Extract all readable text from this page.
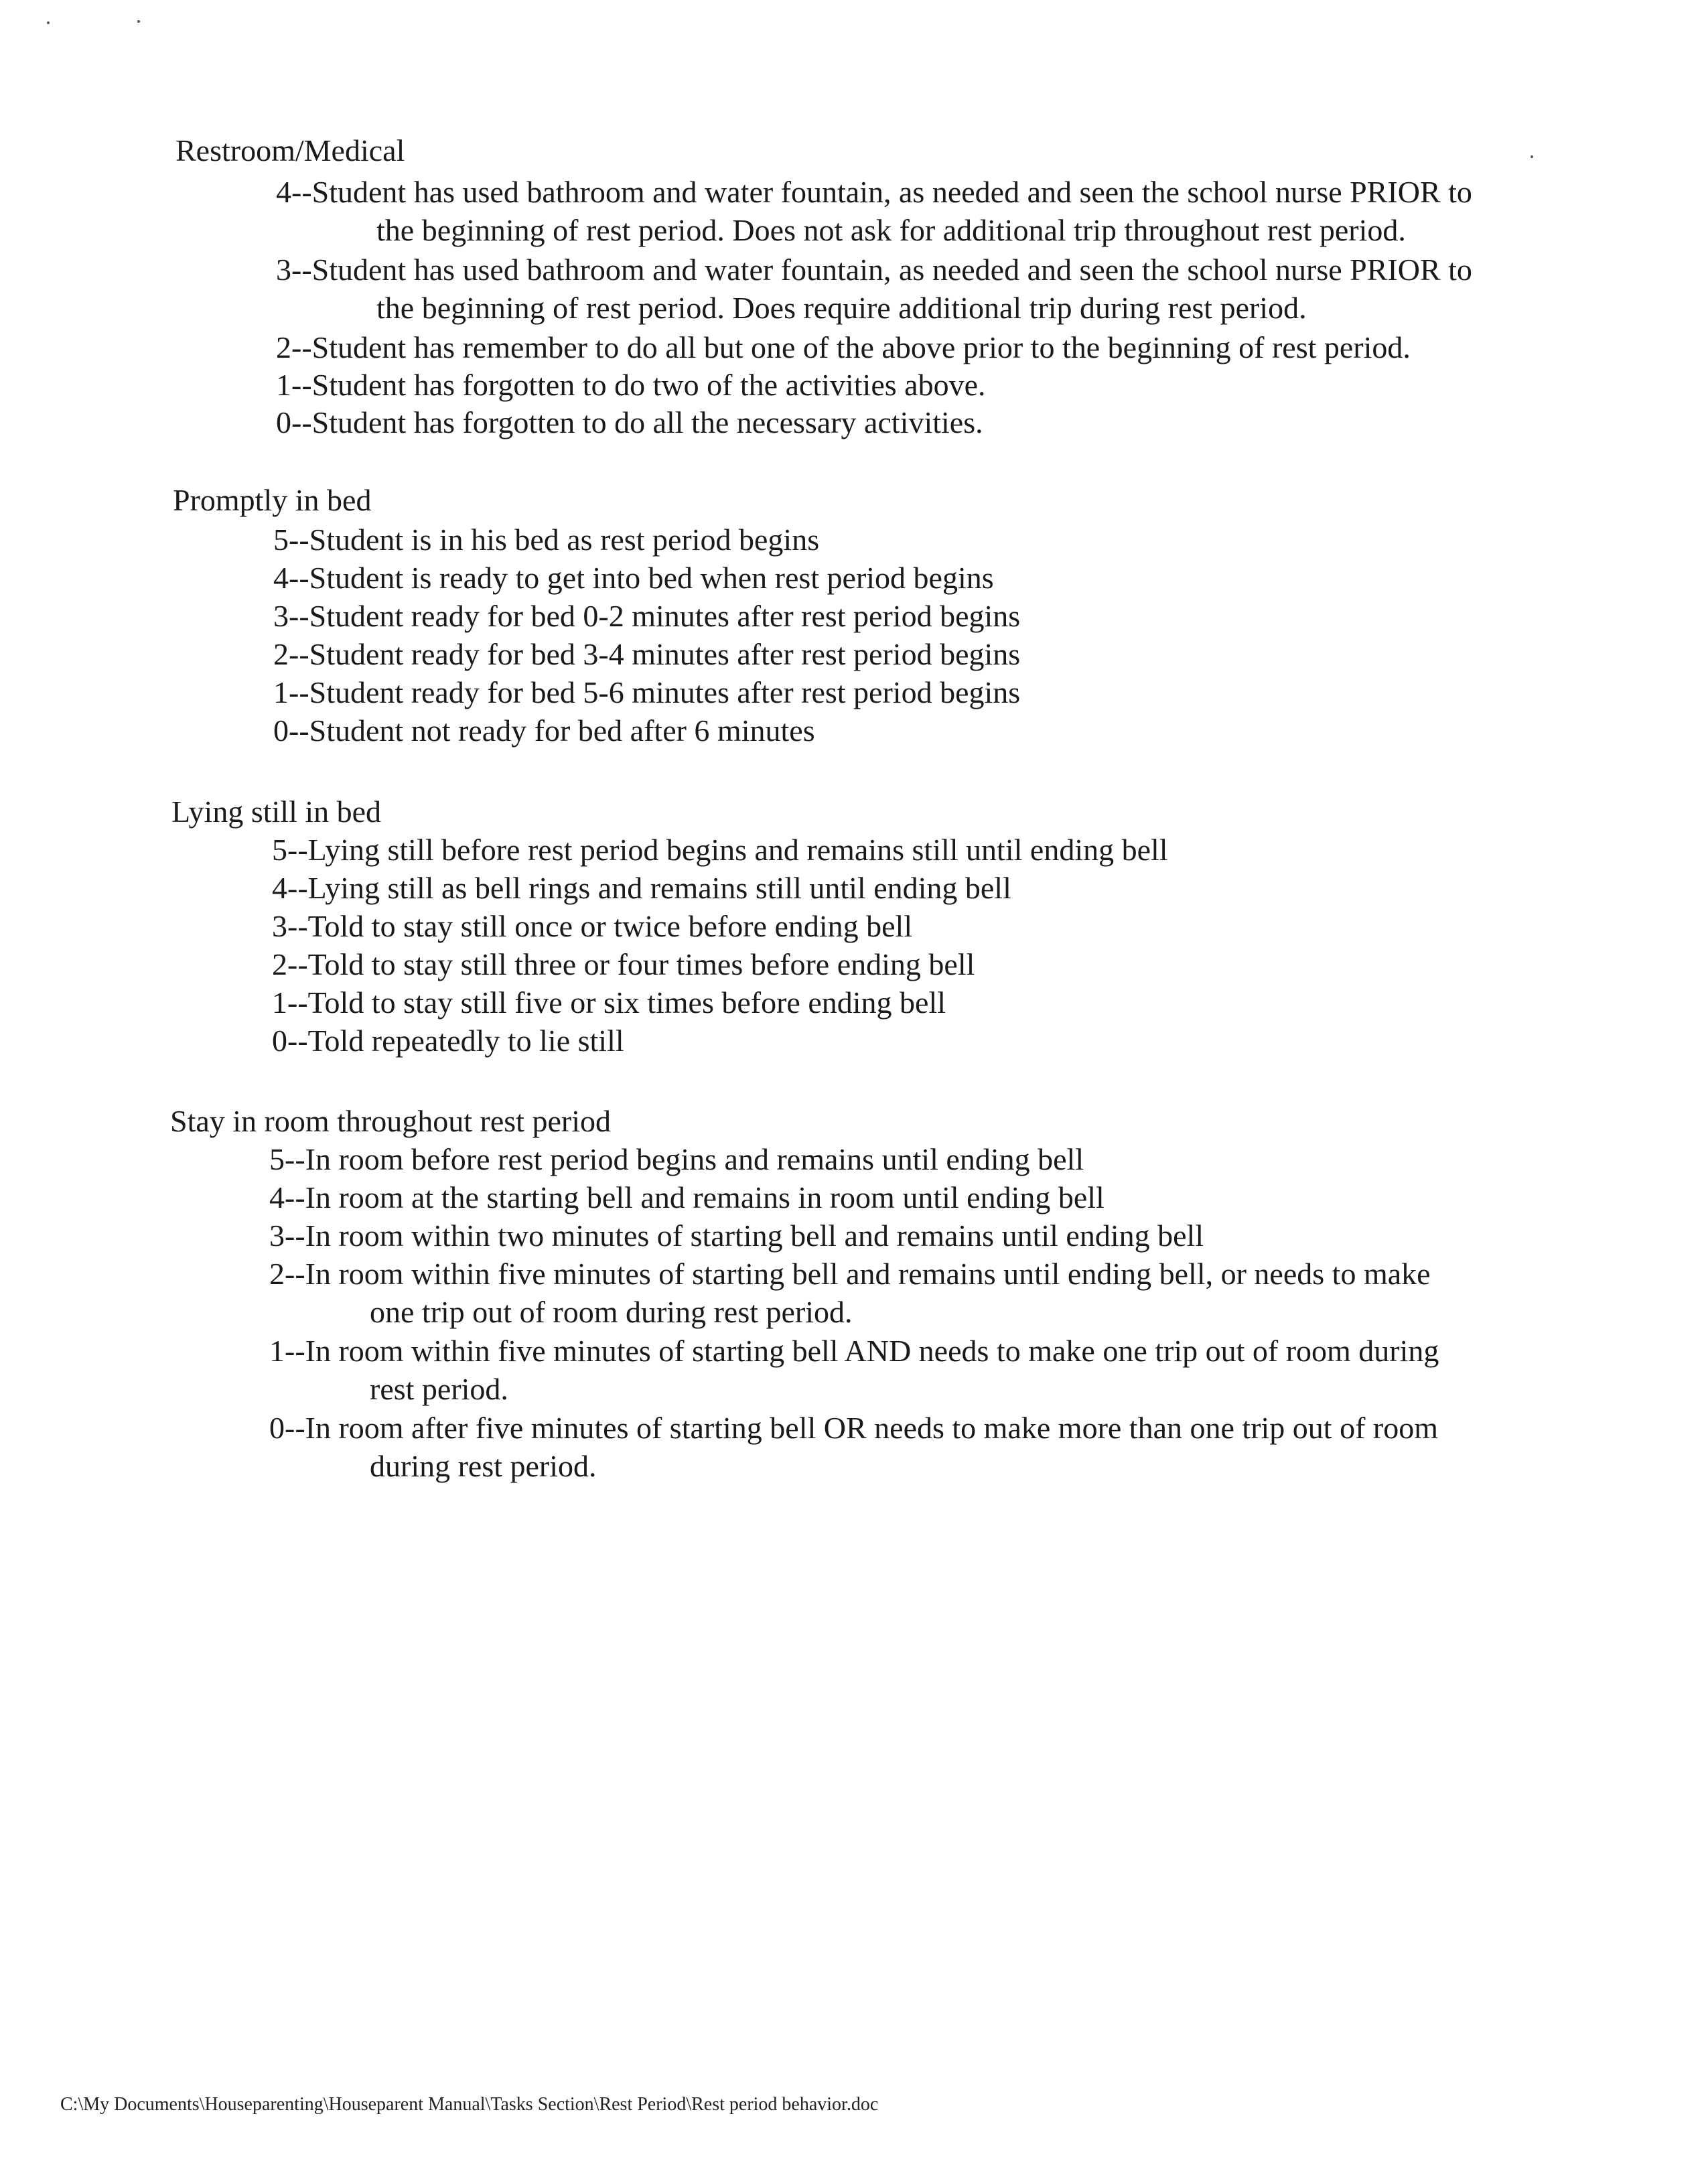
Restroom/Medical
4--Student has used bathroom and water fountain, as needed and seen the school nurse PRIOR to
the beginning of rest period. Does not ask for additional trip throughout rest period.
3--Student has used bathroom and water fountain, as needed and seen the school nurse PRIOR to
the beginning of rest period. Does require additional trip during rest period.
2--Student has remember to do all but one of the above prior to the beginning of rest period.
1--Student has forgotten to do two of the activities above.
0--Student has forgotten to do all the necessary activities.
Promptly in bed
5--Student is in his bed as rest period begins
4--Student is ready to get into bed when rest period begins
3--Student ready for bed 0-2 minutes after rest period begins
2--Student ready for bed 3-4 minutes after rest period begins
1--Student ready for bed 5-6 minutes after rest period begins
0--Student not ready for bed after 6 minutes
Lying still in bed
5--Lying still before rest period begins and remains still until ending bell
4--Lying still as bell rings and remains still until ending bell
3--Told to stay still once or twice before ending bell
2--Told to stay still three or four times before ending bell
1--Told to stay still five or six times before ending bell
0--Told repeatedly to lie still
Stay in room throughout rest period
5--In room before rest period begins and remains until ending bell
4--In room at the starting bell and remains in room until ending bell
3--In room within two minutes of starting bell and remains until ending bell
2--In room within five minutes of starting bell and remains until ending bell, or needs to make
one trip out of room during rest period.
1--In room within five minutes of starting bell AND needs to make one trip out of room during
rest period.
0--In room after five minutes of starting bell OR needs to make more than one trip out of room
during rest period.
C:\My Documents\Houseparenting\Houseparent Manual\Tasks Section\Rest Period\Rest period behavior.doc
